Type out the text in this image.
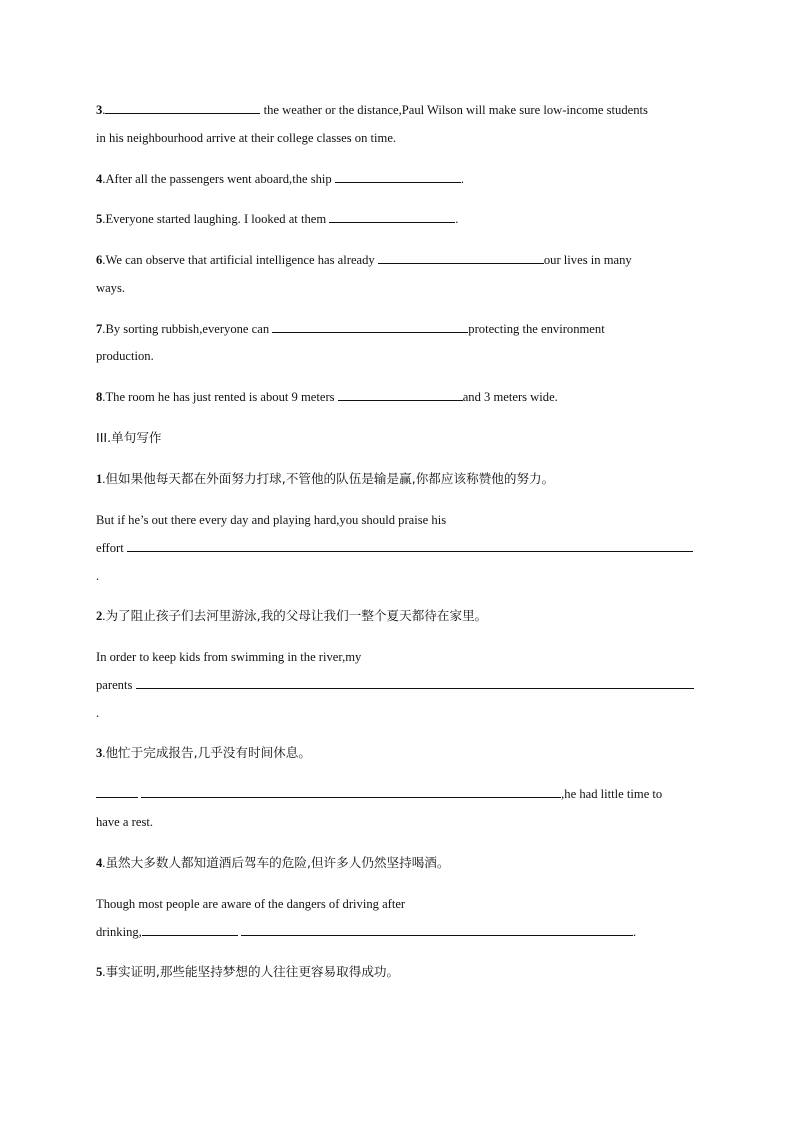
3.	the weather or the distance,Paul Wilson will make sure low-income students
in his neighbourhood arrive at their college classes on time.
4.After all the passengers went aboard,the ship	.
5.Everyone started laughing. I looked at them	.
6.We can observe that artificial intelligence has already	our lives in many
ways.
7.By sorting rubbish,everyone can	protecting the environment
production.
8.The room he has just rented is about 9 meters	and 3 meters wide.
III.单句写作
1.但如果他每天都在外面努力打球,不管他的队伍是输是赢,你都应该称赞他的努力。
But if he’s out there every day and playing hard,you should praise his
effort
.
2.为了阻止孩子们去河里游泳,我的父母让我们一整个夏天都待在家里。
In order to keep kids from swimming in the river,my
parents
.
3.他忙于完成报告,几乎没有时间休息。
,he had little time to
have a rest.
4.虽然大多数人都知道酒后驾车的危险,但许多人仍然坚持喝酒。
Though most people are aware of the dangers of driving after
drinking,	.
5.事实证明,那些能坚持梦想的人往往更容易取得成功。
